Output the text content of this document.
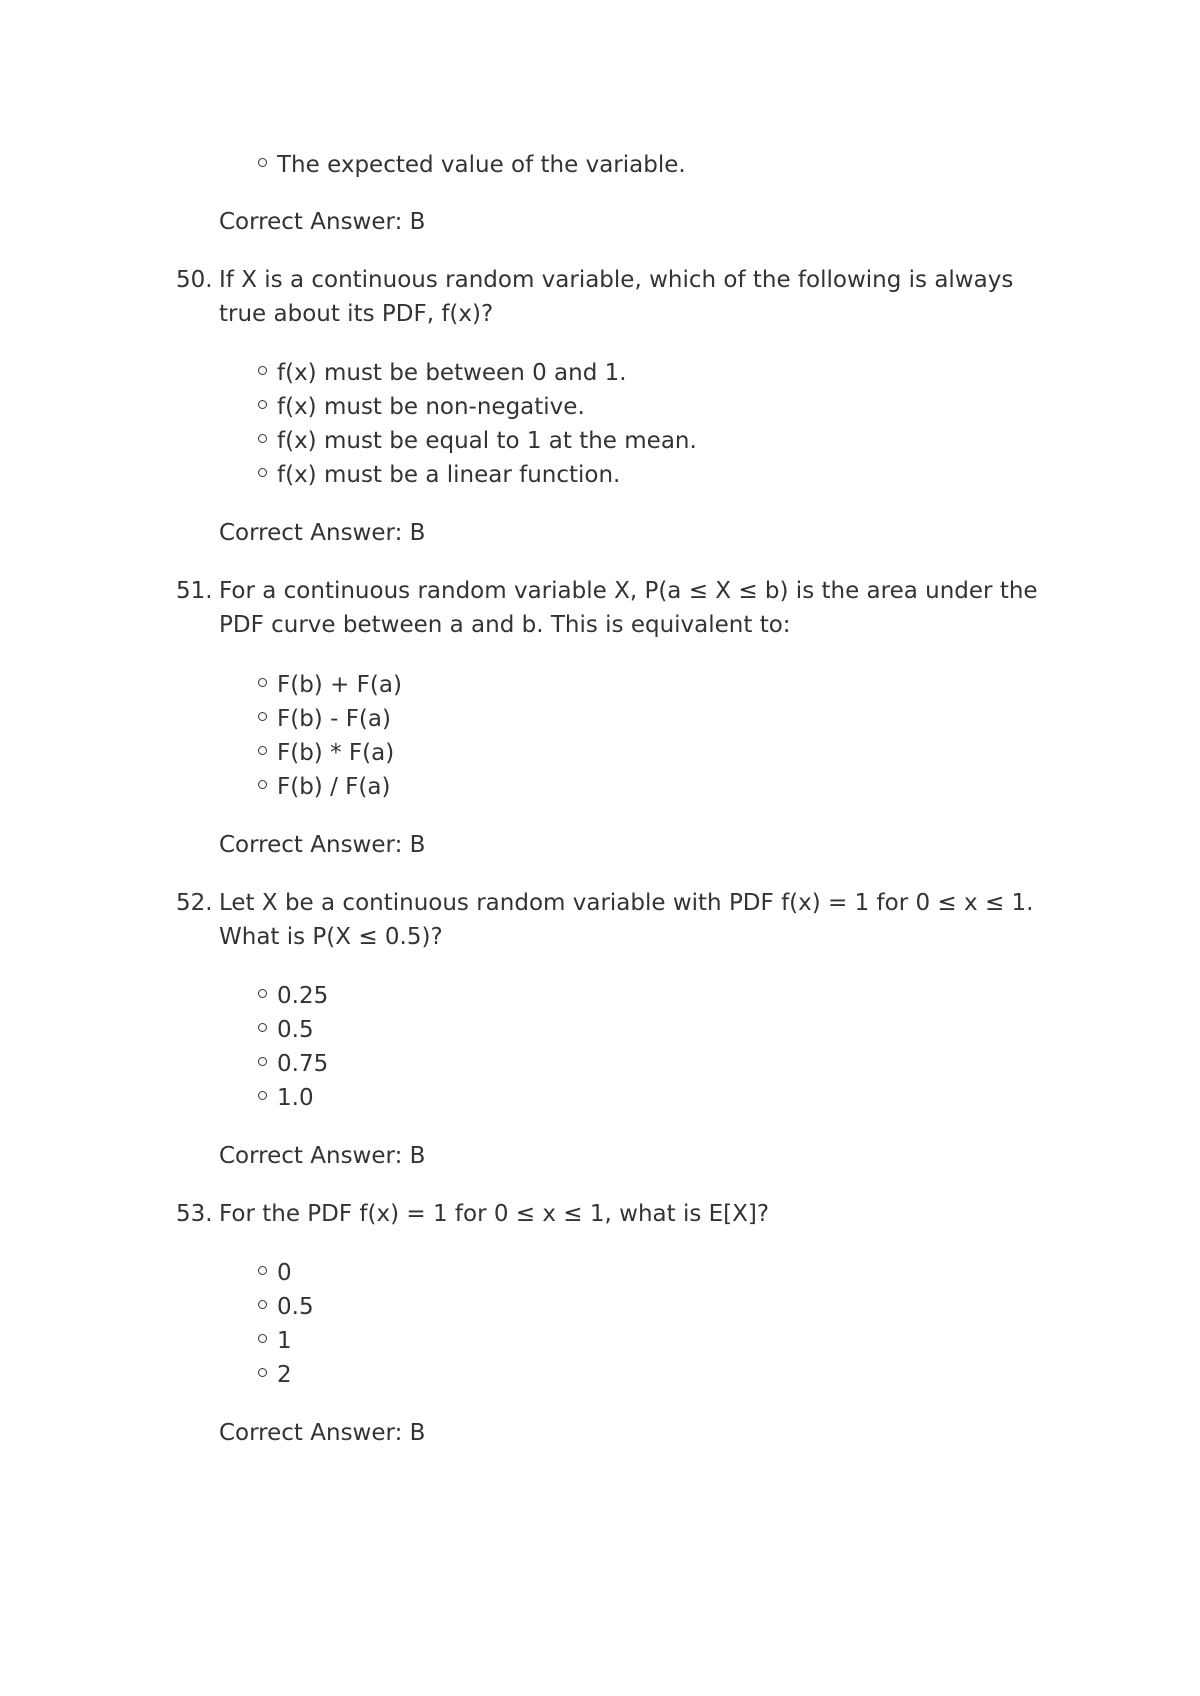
The expected value of the variable.
Correct Answer: B
50. If X is a continuous random variable, which of the following is always
true about its PDF, f(x)?
f(x) must be between 0 and 1.
f(x) must be non-negative.
f(x) must be equal to 1 at the mean.
f(x) must be a linear function.
Correct Answer: B
51. For a continuous random variable X, P(a ≤ X ≤ b) is the area under the
PDF curve between a and b. This is equivalent to:
F(b) + F(a)
F(b) - F(a)
F(b) * F(a)
F(b) / F(a)
Correct Answer: B
52. Let X be a continuous random variable with PDF f(x) = 1 for 0 ≤ x ≤ 1.
What is P(X ≤ 0.5)?
0.25
0.5
0.75
1.0
Correct Answer: B
53. For the PDF f(x) = 1 for 0 ≤ x ≤ 1, what is E[X]?
0
0.5
1
2
Correct Answer: B
